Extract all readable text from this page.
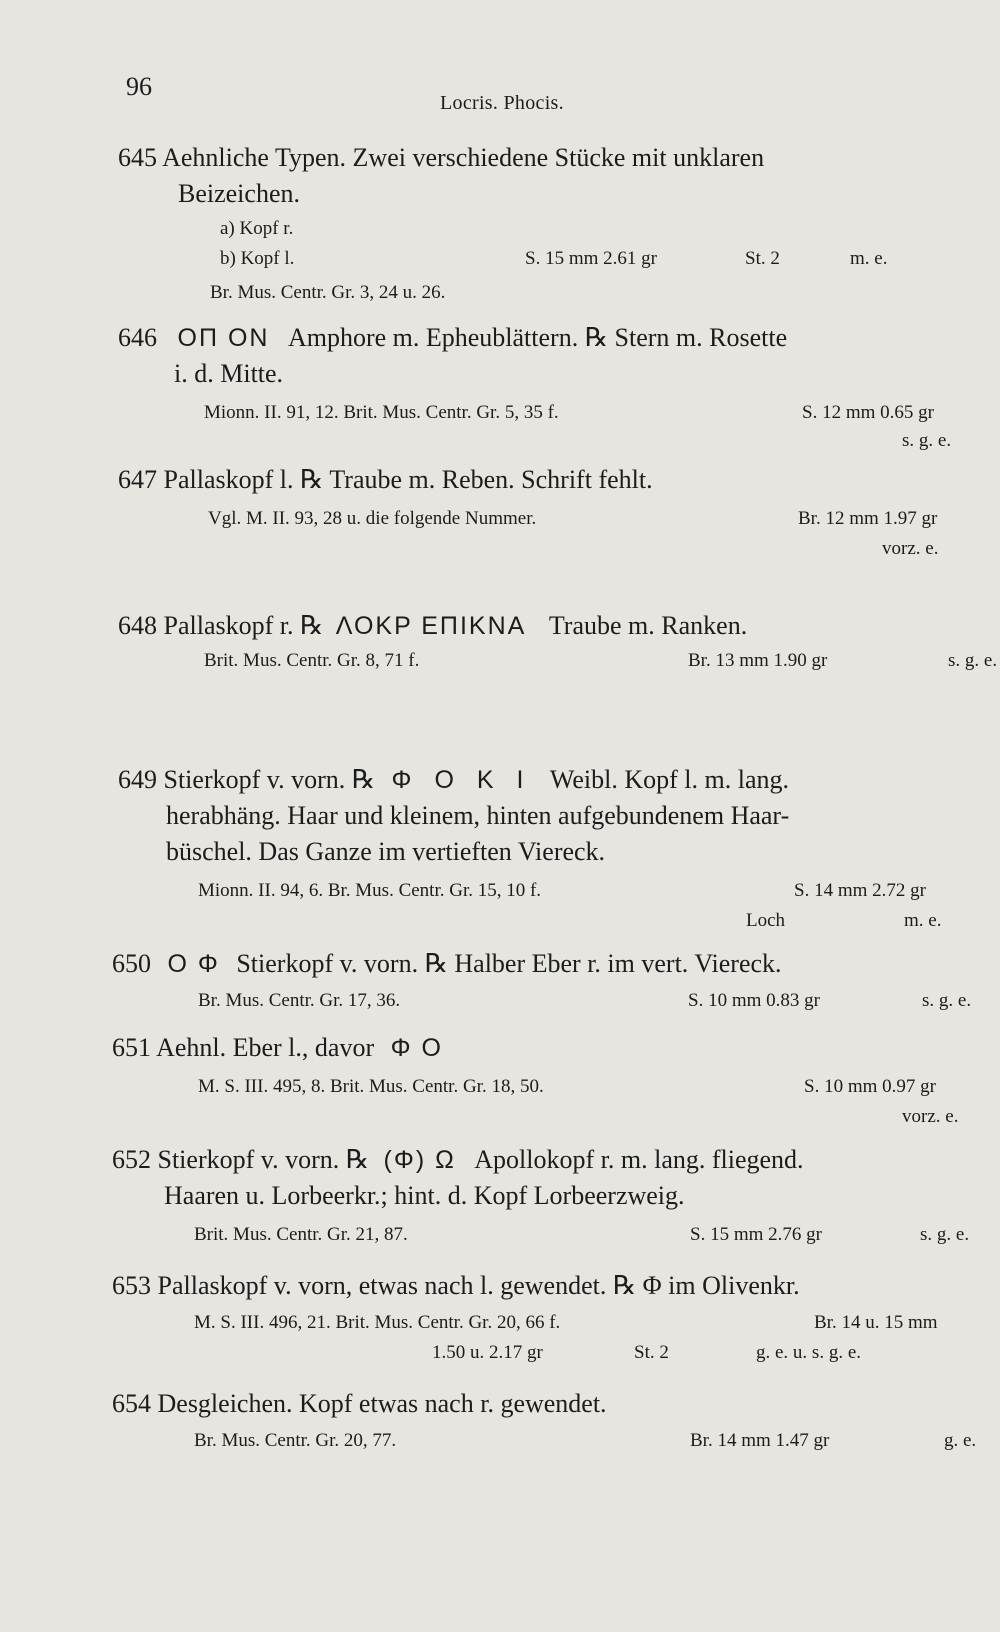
96
Locris. Phocis.
645 Aehnliche Typen. Zwei verschiedene Stücke mit unklaren
Beizeichen.
a) Kopf r.
b) Kopf l.	S. 15 mm 2.61 gr	St. 2	m. e.
Br. Mus. Centr. Gr. 3, 24 u. 26.
646 ΟΠ ΟΝ Amphore m. Epheublättern. ℞ Stern m. Rosette
i. d. Mitte.
Mionn. II. 91, 12. Brit. Mus. Centr. Gr. 5, 35 f.	S. 12 mm 0.65 gr
s. g. e.
647 Pallaskopf l. ℞ Traube m. Reben. Schrift fehlt.
Vgl. M. II. 93, 28 u. die folgende Nummer.	Br. 12 mm 1.97 gr
vorz. e.
648 Pallaskopf r. ℞ ΛΟΚΡ ΕΠΙΚΝΑ Traube m. Ranken.
Brit. Mus. Centr. Gr. 8, 71 f.	Br. 13 mm 1.90 gr	s. g. e.
649 Stierkopf v. vorn. ℞ Φ Ο Κ Ι Weibl. Kopf l. m. lang.
herabhäng. Haar und kleinem, hinten aufgebundenem Haar-
büschel. Das Ganze im vertieften Viereck.
Mionn. II. 94, 6. Br. Mus. Centr. Gr. 15, 10 f.	S. 14 mm 2.72 gr
Loch	m. e.
650 Ο Φ Stierkopf v. vorn. ℞ Halber Eber r. im vert. Viereck.
Br. Mus. Centr. Gr. 17, 36.	S. 10 mm 0.83 gr	s. g. e.
651 Aehnl. Eber l., davor Φ Ο
M. S. III. 495, 8. Brit. Mus. Centr. Gr. 18, 50.	S. 10 mm 0.97 gr
vorz. e.
652 Stierkopf v. vorn. ℞ (Φ) Ω Apollokopf r. m. lang. fliegend.
Haaren u. Lorbeerkr.; hint. d. Kopf Lorbeerzweig.
Brit. Mus. Centr. Gr. 21, 87.	S. 15 mm 2.76 gr	s. g. e.
653 Pallaskopf v. vorn, etwas nach l. gewendet. ℞ Φ im Olivenkr.
M. S. III. 496, 21. Brit. Mus. Centr. Gr. 20, 66 f.	Br. 14 u. 15 mm
1.50 u. 2.17 gr	St. 2	g. e. u. s. g. e.
654 Desgleichen. Kopf etwas nach r. gewendet.
Br. Mus. Centr. Gr. 20, 77.	Br. 14 mm 1.47 gr	g. e.
